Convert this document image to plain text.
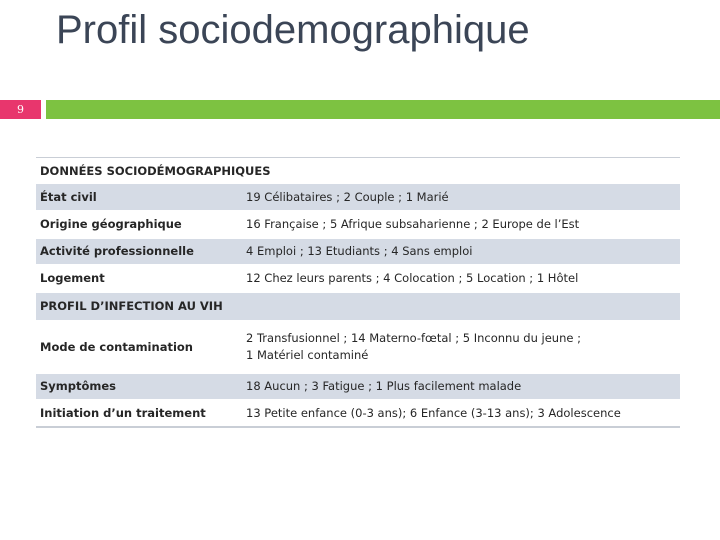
Profil sociodemographique
9
DONNÉES SOCIODÉMOGRAPHIQUES	
État civil	19 Célibataires ; 2 Couple ; 1 Marié
Origine géographique	16 Française ; 5 Afrique subsaharienne ; 2 Europe de l’Est
Activité professionnelle	4 Emploi ; 13 Etudiants ; 4 Sans emploi
Logement	12 Chez leurs parents ; 4 Colocation ; 5 Location ; 1 Hôtel
PROFIL D’INFECTION AU VIH	
Mode de contamination	2 Transfusionnel ; 14 Materno-fœtal ; 5 Inconnu du jeune ;
1 Matériel contaminé

Symptômes	18 Aucun ; 3 Fatigue ; 1 Plus facilement malade
Initiation d’un traitement	13 Petite enfance (0-3 ans); 6 Enfance (3-13 ans); 3 Adolescence
